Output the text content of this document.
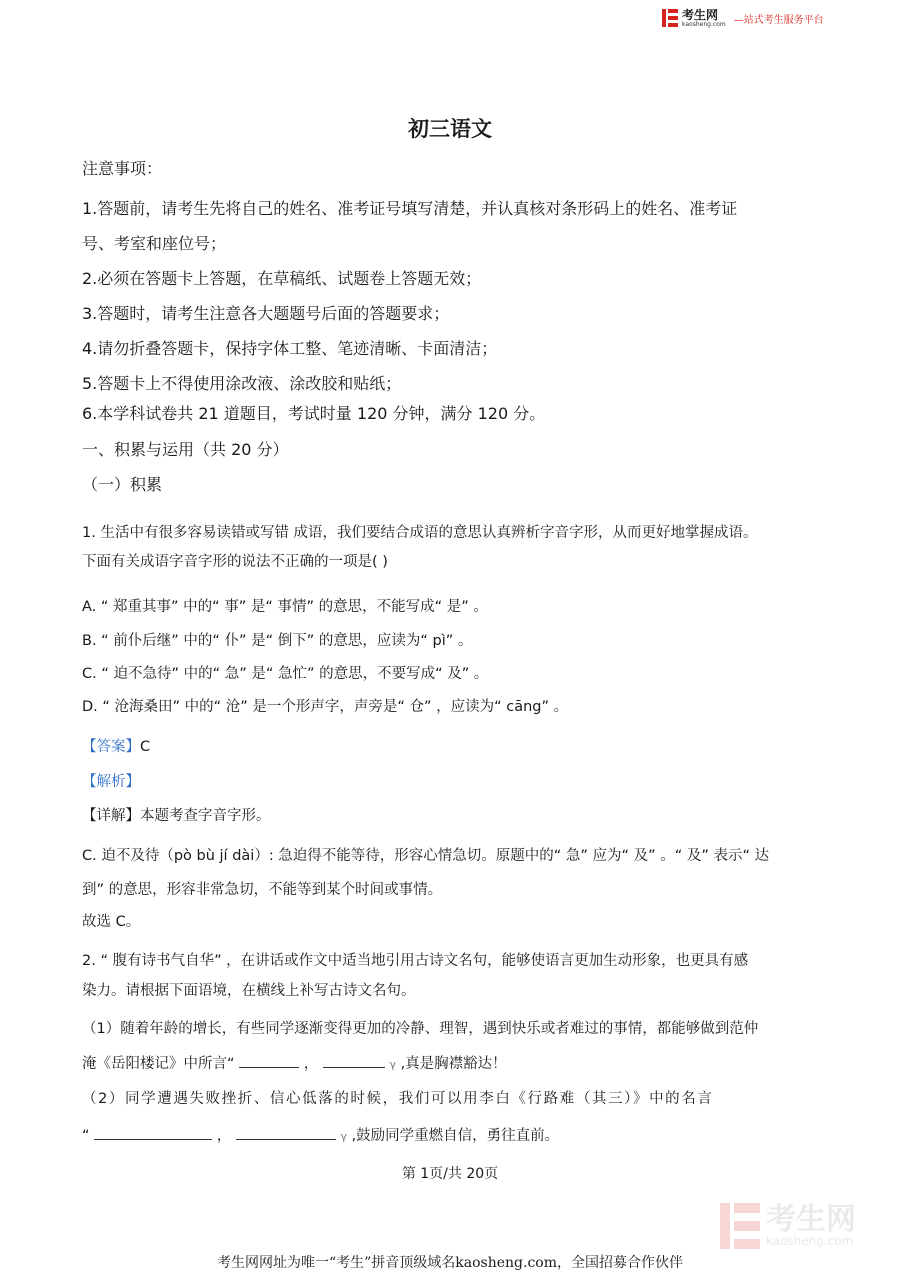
考生网
kaosheng.com —站式考生服务平台
初三语文
注意事项：
1.答题前，请考生先将自己的姓名、准考证号填写清楚，并认真核对条形码上的姓名、准考证
号、考室和座位号；
2.必须在答题卡上答题，在草稿纸、试题卷上答题无效；
3.答题时，请考生注意各大题题号后面的答题要求；
4.请勿折叠答题卡，保持字体工整、笔迹清晰、卡面清洁；
5.答题卡上不得使用涂改液、涂改胶和贴纸；
6.本学科试卷共 21 道题目，考试时量 120 分钟，满分 120 分。
一、积累与运用（共 20 分）
（一）积累
1. 生活中有很多容易读错或写错 成语，我们要结合成语的意思认真辨析字音字形，从而更好地掌握成语。
下面有关成语字音字形的说法不正确的一项是( )
A. “ 郑重其事” 中的“ 事” 是“ 事情” 的意思，不能写成“ 是” 。
B. “ 前仆后继” 中的“ 仆” 是“ 倒下” 的意思，应读为“ pì” 。
C. “ 迫不急待” 中的“ 急” 是“ 急忙” 的意思，不要写成“ 及” 。
D. “ 沧海桑田” 中的“ 沧” 是一个形声字，声旁是“ 仓” ，应读为“ cāng” 。
【答案】C
【解析】
【详解】本题考查字音字形。
C. 迫不及待（pò bù jí dài）: 急迫得不能等待，形容心情急切。原题中的“ 急” 应为“ 及” 。“ 及” 表示“ 达
到” 的意思，形容非常急切，不能等到某个时间或事情。
故选 C。
2. “ 腹有诗书气自华” ，在讲话或作文中适当地引用古诗文名句，能够使语言更加生动形象，也更具有感
染力。请根据下面语境，在横线上补写古诗文名句。
（1）随着年龄的增长，有些同学逐渐变得更加的冷静、理智，遇到快乐或者难过的事情，都能够做到范仲
淹《岳阳楼记》中所言“	，	γ ,真是胸襟豁达！
（2）同学遭遇失败挫折、信心低落的时候，我们可以用李白《行路难（其三）》中的名言
“	，	γ ,鼓励同学重燃自信，勇往直前。
第 1页/共 20页
考生网
kaosheng.com
考生网网址为唯一“考生”拼音顶级域名kaosheng.com，全国招募合作伙伴
